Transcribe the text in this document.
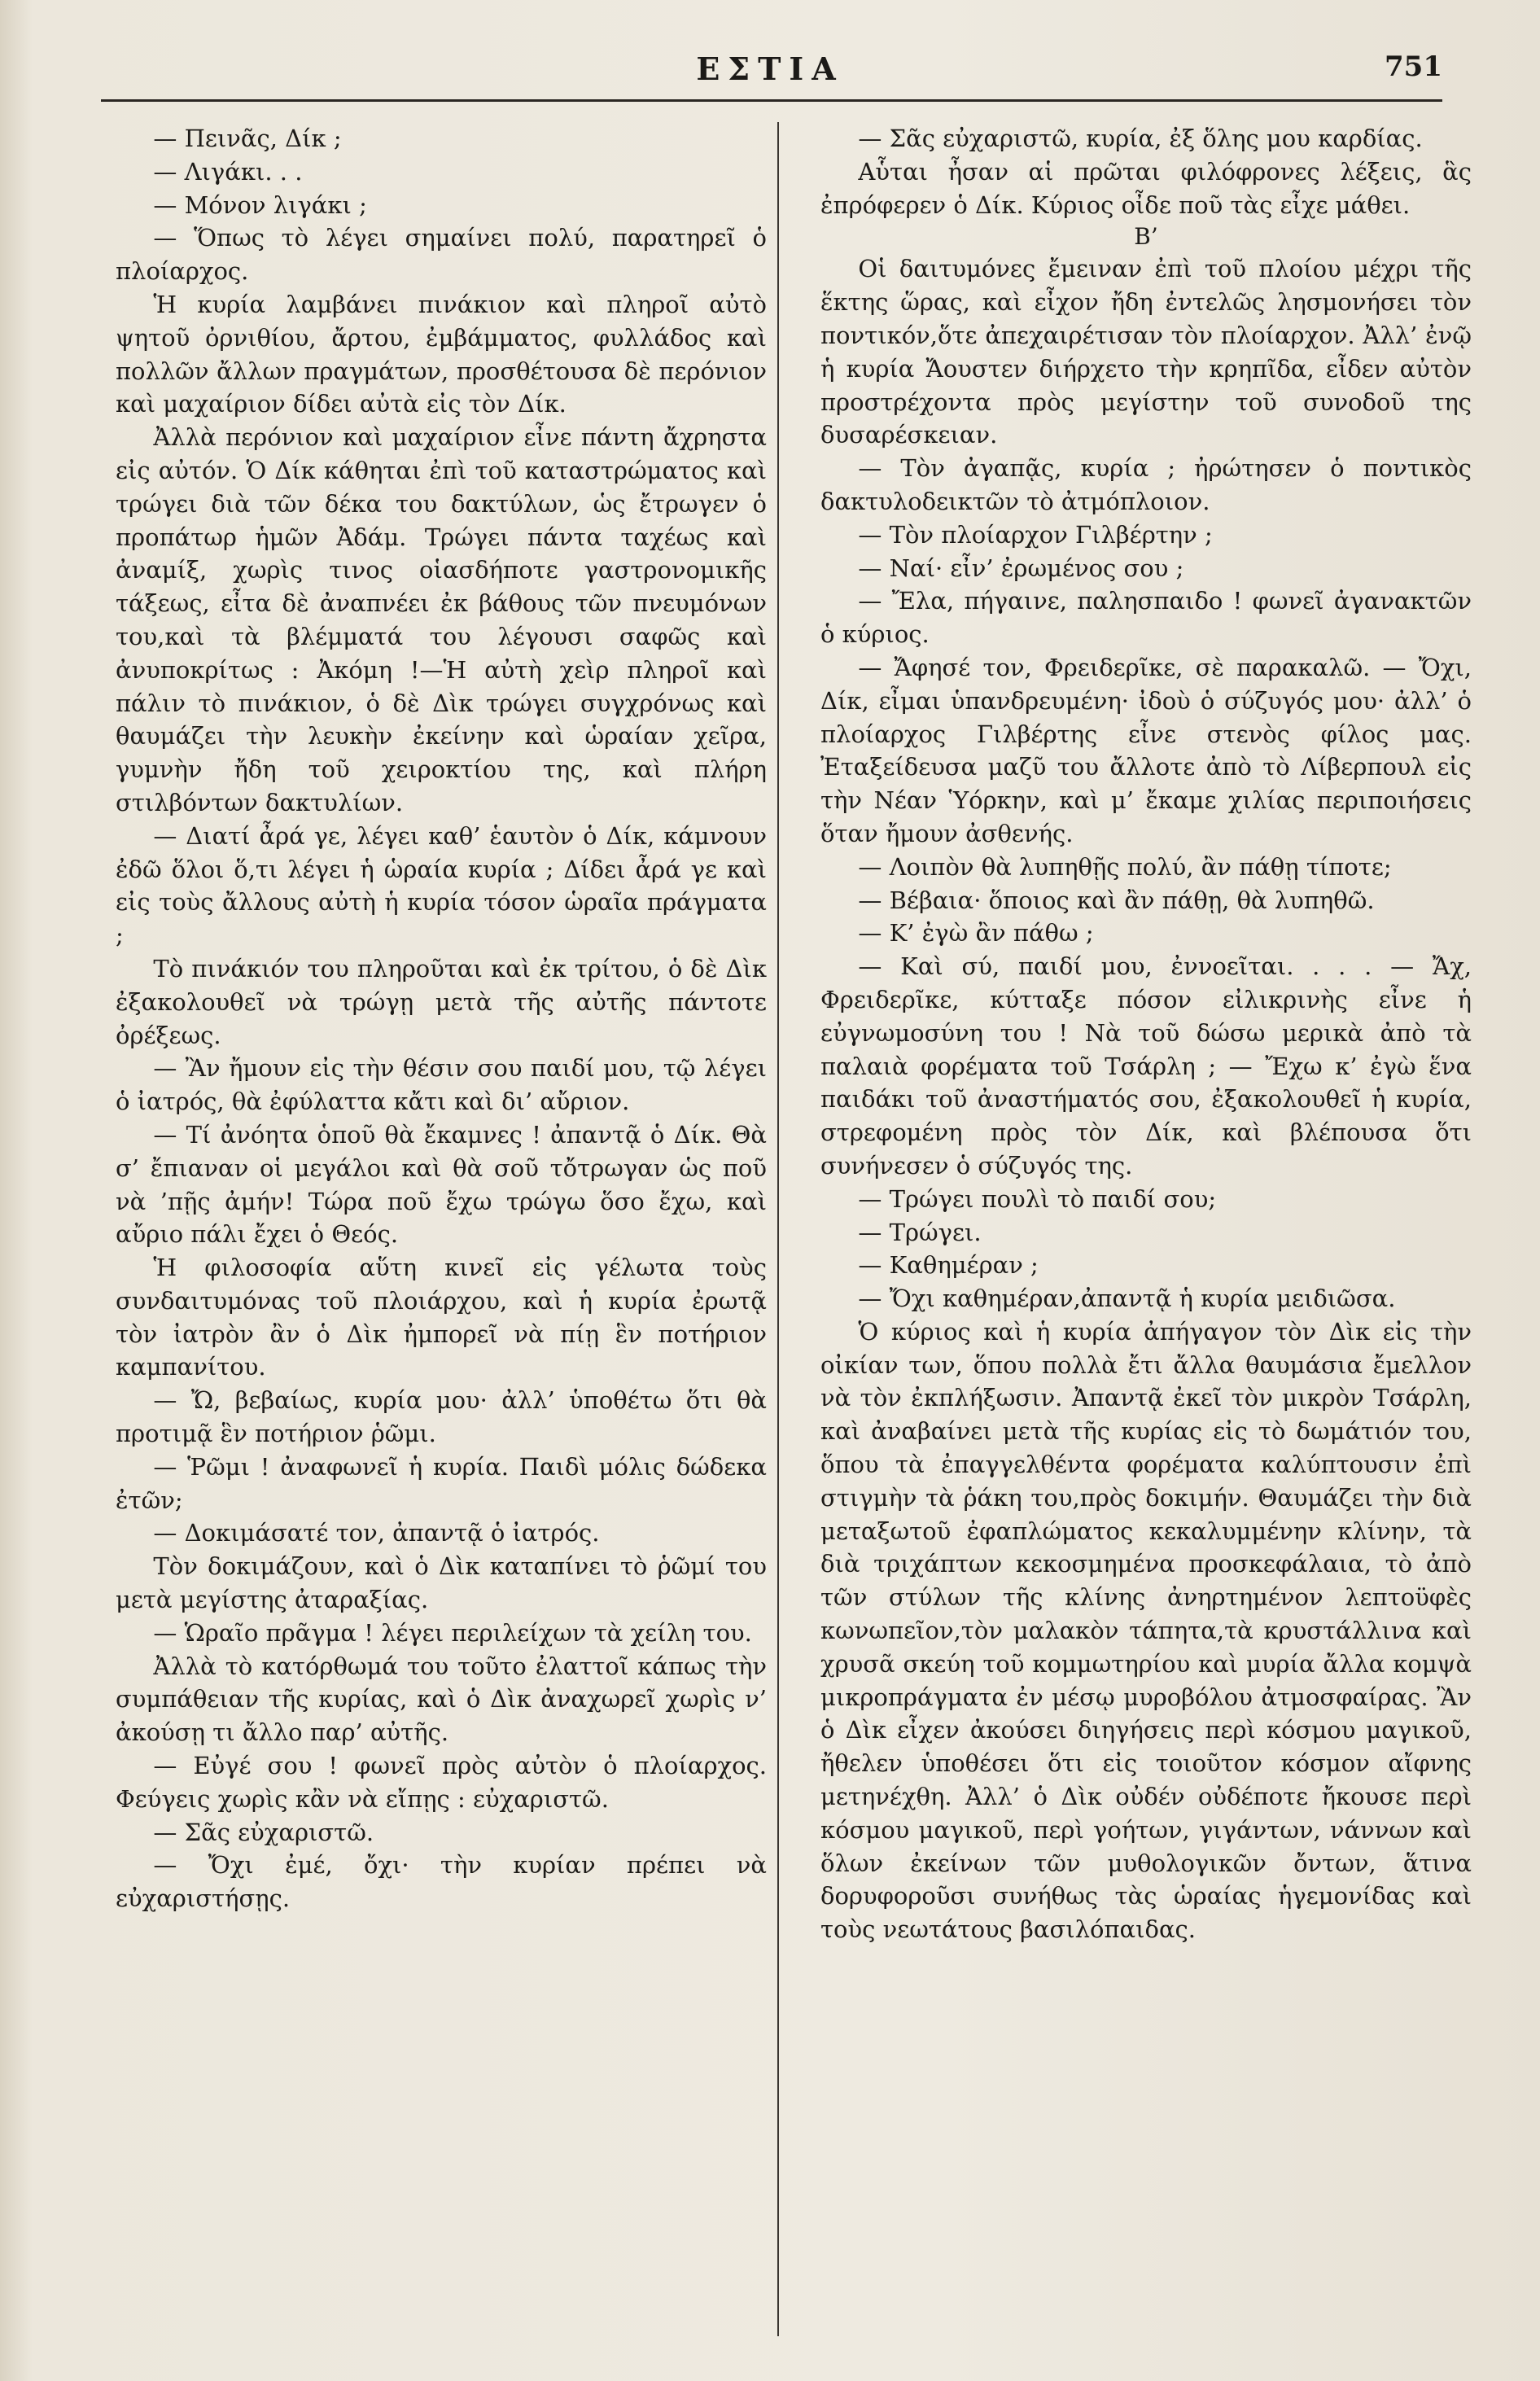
ΕΣΤΙΑ	751

— Πεινᾶς, Δίκ ;

— Λιγάκι. . .

— Μόνον λιγάκι ;

— Ὅπως τὸ λέγει σημαίνει πολύ, παρατηρεῖ ὁ πλοίαρχος.

Ἡ κυρία λαμβάνει πινάκιον καὶ πληροῖ αὐτὸ ψητοῦ ὀρνιθίου, ἄρτου, ἐμβάμματος, φυλλάδος καὶ πολλῶν ἄλλων πραγμάτων, προσθέτουσα δὲ περόνιον καὶ μαχαίριον δίδει αὐτὰ εἰς τὸν Δίκ.

Ἀλλὰ περόνιον καὶ μαχαίριον εἶνε πάντη ἄχρηστα εἰς αὐτόν. Ὁ Δίκ κάθηται ἐπὶ τοῦ καταστρώματος καὶ τρώγει διὰ τῶν δέκα του δακτύλων, ὡς ἔτρωγεν ὁ προπάτωρ ἡμῶν Ἀδάμ. Τρώγει πάντα ταχέως καὶ ἀναμίξ, χωρὶς τινος οἱασδήποτε γαστρονομικῆς τάξεως, εἶτα δὲ ἀναπνέει ἐκ βάθους τῶν πνευμόνων του,καὶ τὰ βλέμματά του λέγουσι σαφῶς καὶ ἀνυποκρίτως : Ἀκόμη !—Ἡ αὐτὴ χεὶρ πληροῖ καὶ πάλιν τὸ πινάκιον, ὁ δὲ Δὶκ τρώγει συγχρόνως καὶ θαυμάζει τὴν λευκὴν ἐκείνην καὶ ὡραίαν χεῖρα, γυμνὴν ἤδη τοῦ χειροκτίου της, καὶ πλήρη στιλβόντων δακτυλίων.

— Διατί ἆρά γε, λέγει καθ’ ἑαυτὸν ὁ Δίκ, κάμνουν ἐδῶ ὅλοι ὅ,τι λέγει ἡ ὡραία κυρία ; Δίδει ἆρά γε καὶ εἰς τοὺς ἄλλους αὐτὴ ἡ κυρία τόσον ὡραῖα πράγματα ;

Τὸ πινάκιόν του πληροῦται καὶ ἐκ τρίτου, ὁ δὲ Δὶκ ἐξακολουθεῖ νὰ τρώγῃ μετὰ τῆς αὐτῆς πάντοτε ὀρέξεως.

— Ἂν ἤμουν εἰς τὴν θέσιν σου παιδί μου, τῷ λέγει ὁ ἰατρός, θὰ ἐφύλαττα κἄτι καὶ δι’ αὔριον.

— Τί ἀνόητα ὁποῦ θὰ ἔκαμνες ! ἀπαντᾷ ὁ Δίκ. Θὰ σ’ ἔπιαναν οἱ μεγάλοι καὶ θὰ σοῦ τὄτρωγαν ὡς ποῦ νὰ ’πῇς ἀμήν! Τώρα ποῦ ἔχω τρώγω ὅσο ἔχω, καὶ αὔριο πάλι ἔχει ὁ Θεός.

Ἡ φιλοσοφία αὕτη κινεῖ εἰς γέλωτα τοὺς συνδαιτυμόνας τοῦ πλοιάρχου, καὶ ἡ κυρία ἐρωτᾷ τὸν ἰατρὸν ἂν ὁ Δὶκ ἠμπορεῖ νὰ πίῃ ἓν ποτήριον καμπανίτου.

— Ὤ, βεβαίως, κυρία μου· ἀλλ’ ὑποθέτω ὅτι θὰ προτιμᾷ ἓν ποτήριον ῥῶμι.

— Ῥῶμι ! ἀναφωνεῖ ἡ κυρία. Παιδὶ μόλις δώδεκα ἐτῶν;

— Δοκιμάσατέ τον, ἀπαντᾷ ὁ ἰατρός.

Τὸν δοκιμάζουν, καὶ ὁ Δὶκ καταπίνει τὸ ῥῶμί του μετὰ μεγίστης ἀταραξίας.

— Ὡραῖο πρᾶγμα ! λέγει περιλείχων τὰ χείλη του.

Ἀλλὰ τὸ κατόρθωμά του τοῦτο ἐλαττοῖ κάπως τὴν συμπάθειαν τῆς κυρίας, καὶ ὁ Δὶκ ἀναχωρεῖ χωρὶς ν’ ἀκούσῃ τι ἄλλο παρ’ αὐτῆς.

— Εὐγέ σου ! φωνεῖ πρὸς αὐτὸν ὁ πλοίαρχος. Φεύγεις χωρὶς κἂν νὰ εἴπῃς : εὐχαριστῶ.

— Σᾶς εὐχαριστῶ.

— Ὄχι ἐμέ, ὄχι· τὴν κυρίαν πρέπει νὰ εὐχαριστήσῃς.

— Σᾶς εὐχαριστῶ, κυρία, ἐξ ὅλης μου καρδίας.

Αὗται ἦσαν αἱ πρῶται φιλόφρονες λέξεις, ἃς ἐπρόφερεν ὁ Δίκ. Κύριος οἶδε ποῦ τὰς εἶχε μάθει.

Β’

Οἱ δαιτυμόνες ἔμειναν ἐπὶ τοῦ πλοίου μέχρι τῆς ἕκτης ὥρας, καὶ εἶχον ἤδη ἐντελῶς λησμονήσει τὸν ποντικόν,ὅτε ἀπεχαιρέτισαν τὸν πλοίαρχον. Ἀλλ’ ἐνῷ ἡ κυρία Ἄουστεν διήρχετο τὴν κρηπῖδα, εἶδεν αὐτὸν προστρέχοντα πρὸς μεγίστην τοῦ συνοδοῦ της δυσαρέσκειαν.

— Τὸν ἀγαπᾷς, κυρία ; ἠρώτησεν ὁ ποντικὸς δακτυλοδεικτῶν τὸ ἀτμόπλοιον.

— Τὸν πλοίαρχον Γιλβέρτην ;

— Ναί· εἶν’ ἐρωμένος σου ;

— Ἔλα, πήγαινε, παλησπαιδο ! φωνεῖ ἀγανακτῶν ὁ κύριος.

— Ἄφησέ τον, Φρειδερῖκε, σὲ παρακαλῶ. — Ὄχι, Δίκ, εἶμαι ὑπανδρευμένη· ἰδοὺ ὁ σύζυγός μου· ἀλλ’ ὁ πλοίαρχος Γιλβέρτης εἶνε στενὸς φίλος μας. Ἐταξείδευσα μαζῦ του ἄλλοτε ἀπὸ τὸ Λίβερπουλ εἰς τὴν Νέαν Ὑόρκην, καὶ μ’ ἔκαμε χιλίας περιποιήσεις ὅταν ἤμουν ἀσθενής.

— Λοιπὸν θὰ λυπηθῇς πολύ, ἂν πάθῃ τίποτε;

— Βέβαια· ὅποιος καὶ ἂν πάθῃ, θὰ λυπηθῶ.

— Κ’ ἐγὼ ἂν πάθω ;

— Καὶ σύ, παιδί μου, ἐννοεῖται. . . . — Ἄχ, Φρειδερῖκε, κύτταξε πόσον εἰλικρινὴς εἶνε ἡ εὐγνωμοσύνη του ! Νὰ τοῦ δώσω μερικὰ ἀπὸ τὰ παλαιὰ φορέματα τοῦ Τσάρλη ; — Ἔχω κ’ ἐγὼ ἕνα παιδάκι τοῦ ἀναστήματός σου, ἐξακολουθεῖ ἡ κυρία, στρεφομένη πρὸς τὸν Δίκ, καὶ βλέπουσα ὅτι συνήνεσεν ὁ σύζυγός της.

— Τρώγει πουλὶ τὸ παιδί σου;

— Τρώγει.

— Καθημέραν ;

— Ὄχι καθημέραν,ἀπαντᾷ ἡ κυρία μειδιῶσα.

Ὁ κύριος καὶ ἡ κυρία ἀπήγαγον τὸν Δὶκ εἰς τὴν οἰκίαν των, ὅπου πολλὰ ἔτι ἄλλα θαυμάσια ἔμελλον νὰ τὸν ἐκπλήξωσιν. Ἀπαντᾷ ἐκεῖ τὸν μικρὸν Τσάρλη, καὶ ἀναβαίνει μετὰ τῆς κυρίας εἰς τὸ δωμάτιόν του, ὅπου τὰ ἐπαγγελθέντα φορέματα καλύπτουσιν ἐπὶ στιγμὴν τὰ ῥάκη του,πρὸς δοκιμήν. Θαυμάζει τὴν διὰ μεταξωτοῦ ἐφαπλώματος κεκαλυμμένην κλίνην, τὰ διὰ τριχάπτων κεκοσμημένα προσκεφάλαια, τὸ ἀπὸ τῶν στύλων τῆς κλίνης ἀνηρτημένον λεπτοϋφὲς κωνωπεῖον,τὸν μαλακὸν τάπητα,τὰ κρυστάλλινα καὶ χρυσᾶ σκεύη τοῦ κομμωτηρίου καὶ μυρία ἄλλα κομψὰ μικροπράγματα ἐν μέσῳ μυροβόλου ἀτμοσφαίρας. Ἂν ὁ Δὶκ εἶχεν ἀκούσει διηγήσεις περὶ κόσμου μαγικοῦ, ἤθελεν ὑποθέσει ὅτι εἰς τοιοῦτον κόσμον αἴφνης μετηνέχθη. Ἀλλ’ ὁ Δὶκ οὐδέν οὐδέποτε ἤκουσε περὶ κόσμου μαγικοῦ, περὶ γοήτων, γιγάντων, νάννων καὶ ὅλων ἐκείνων τῶν μυθολογικῶν ὄντων, ἅτινα δορυφοροῦσι συνήθως τὰς ὡραίας ἡγεμονίδας καὶ τοὺς νεωτάτους βασιλόπαιδας.
